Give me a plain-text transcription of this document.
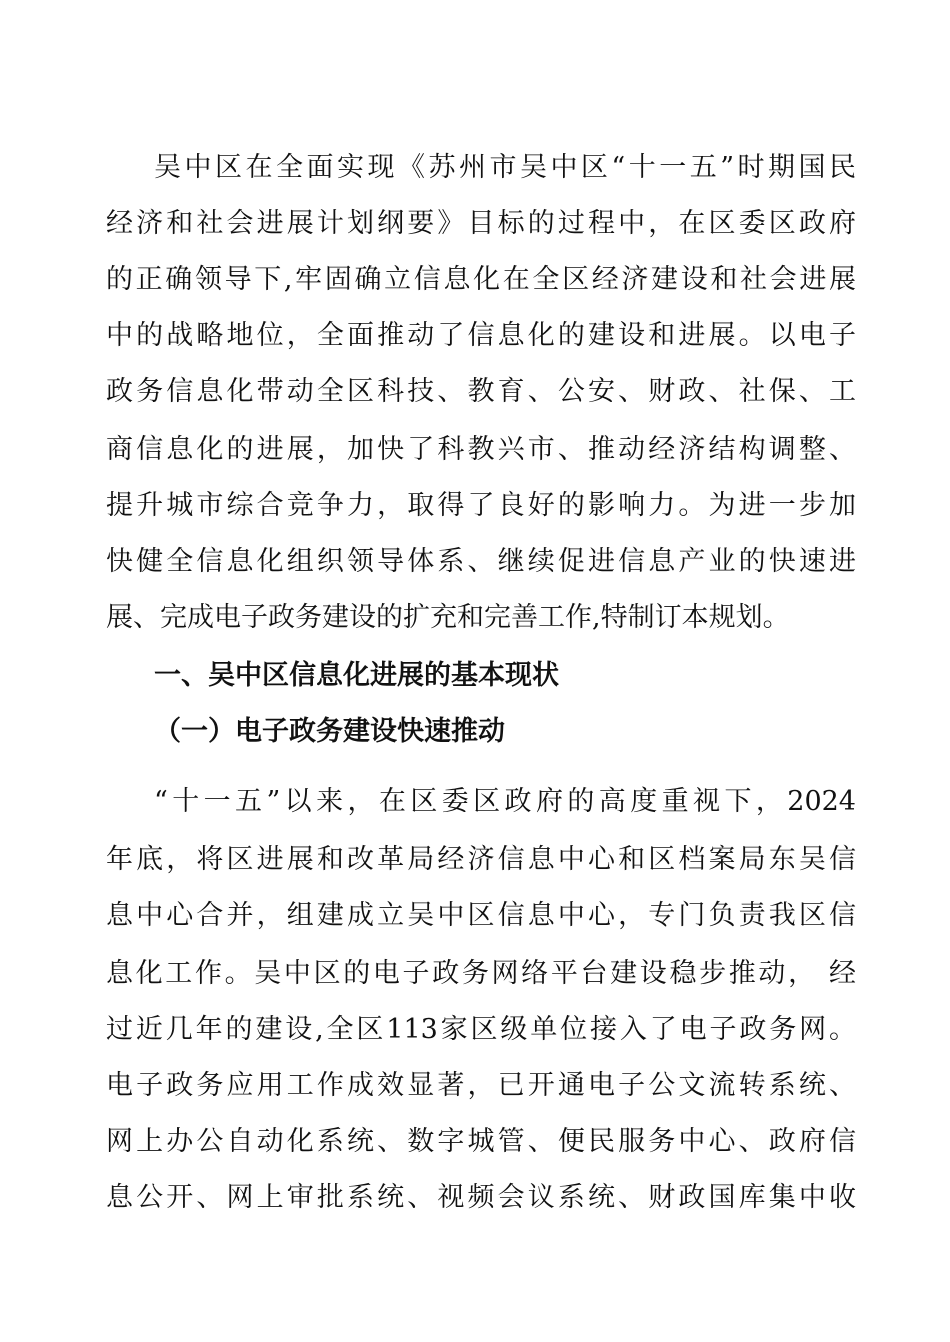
吴中区在全面实现《苏州市吴中区“十一五”时期国民
经济和社会进展计划纲要》目标的过程中，在区委区政府
的正确领导下,牢固确立信息化在全区经济建设和社会进展
中的战略地位，全面推动了信息化的建设和进展。以电子
政务信息化带动全区科技、教育、公安、财政、社保、工
商信息化的进展，加快了科教兴市、推动经济结构调整、
提升城市综合竞争力，取得了良好的影响力。为进一步加
快健全信息化组织领导体系、继续促进信息产业的快速进
展、完成电子政务建设的扩充和完善工作,特制订本规划。
一、吴中区信息化进展的基本现状
（一）电子政务建设快速推动
“十一五”以来，在区委区政府的高度重视下，2024
年底，将区进展和改革局经济信息中心和区档案局东吴信
息中心合并，组建成立吴中区信息中心，专门负责我区信
息化工作。吴中区的电子政务网络平台建设稳步推动， 经
过近几年的建设,全区113家区级单位接入了电子政务网。
电子政务应用工作成效显著，已开通电子公文流转系统、
网上办公自动化系统、数字城管、便民服务中心、政府信
息公开、网上审批系统、视频会议系统、财政国库集中收
